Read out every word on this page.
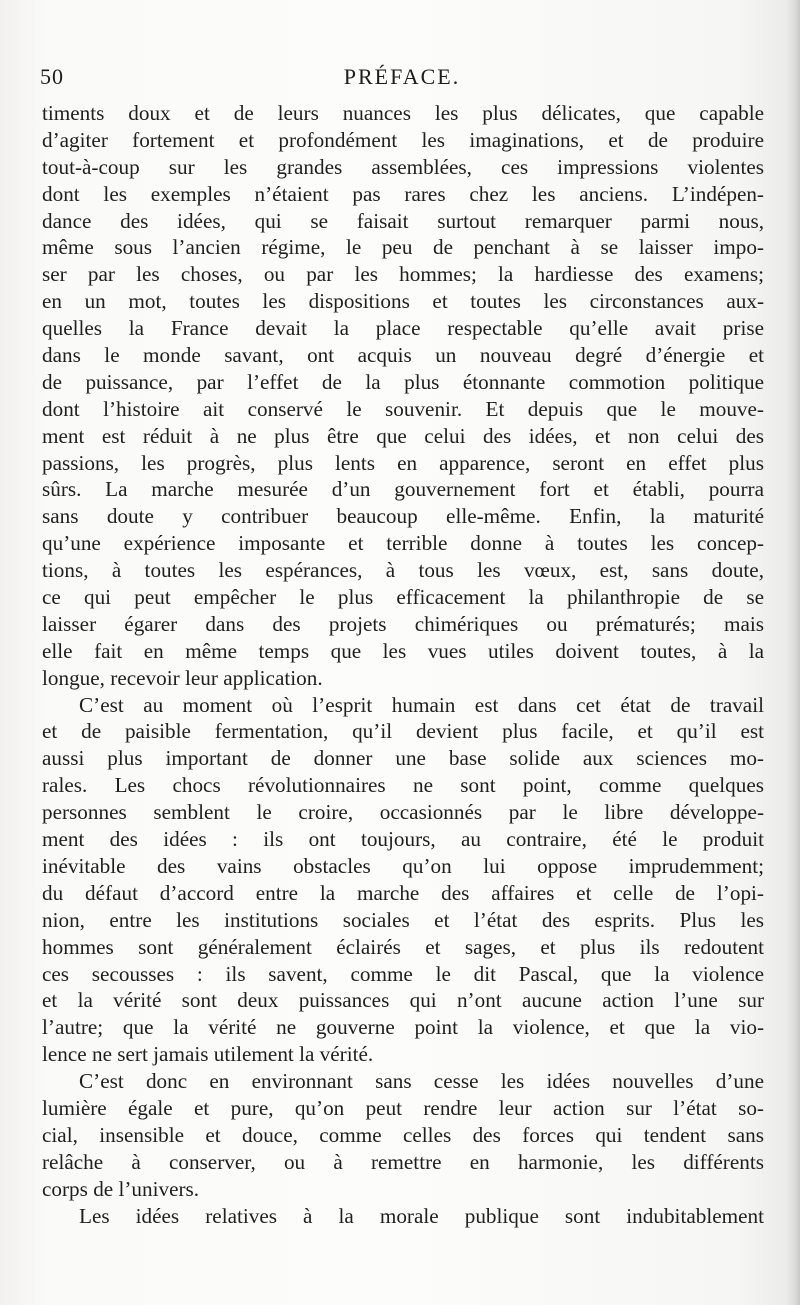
50	PRÉFACE.
timents doux et de leurs nuances les plus délicates, que capable
d’agiter fortement et profondément les imaginations, et de produire
tout-à-coup sur les grandes assemblées, ces impressions violentes
dont les exemples n’étaient pas rares chez les anciens. L’indépen-
dance des idées, qui se faisait surtout remarquer parmi nous,
même sous l’ancien régime, le peu de penchant à se laisser impo-
ser par les choses, ou par les hommes; la hardiesse des examens;
en un mot, toutes les dispositions et toutes les circonstances aux-
quelles la France devait la place respectable qu’elle avait prise
dans le monde savant, ont acquis un nouveau degré d’énergie et
de puissance, par l’effet de la plus étonnante commotion politique
dont l’histoire ait conservé le souvenir. Et depuis que le mouve-
ment est réduit à ne plus être que celui des idées, et non celui des
passions, les progrès, plus lents en apparence, seront en effet plus
sûrs. La marche mesurée d’un gouvernement fort et établi, pourra
sans doute y contribuer beaucoup elle-même. Enfin, la maturité
qu’une expérience imposante et terrible donne à toutes les concep-
tions, à toutes les espérances, à tous les vœux, est, sans doute,
ce qui peut empêcher le plus efficacement la philanthropie de se
laisser égarer dans des projets chimériques ou prématurés; mais
elle fait en même temps que les vues utiles doivent toutes, à la
longue, recevoir leur application.
C’est au moment où l’esprit humain est dans cet état de travail
et de paisible fermentation, qu’il devient plus facile, et qu’il est
aussi plus important de donner une base solide aux sciences mo-
rales. Les chocs révolutionnaires ne sont point, comme quelques
personnes semblent le croire, occasionnés par le libre développe-
ment des idées : ils ont toujours, au contraire, été le produit
inévitable des vains obstacles qu’on lui oppose imprudemment;
du défaut d’accord entre la marche des affaires et celle de l’opi-
nion, entre les institutions sociales et l’état des esprits. Plus les
hommes sont généralement éclairés et sages, et plus ils redoutent
ces secousses : ils savent, comme le dit Pascal, que la violence
et la vérité sont deux puissances qui n’ont aucune action l’une sur
l’autre; que la vérité ne gouverne point la violence, et que la vio-
lence ne sert jamais utilement la vérité.
C’est donc en environnant sans cesse les idées nouvelles d’une
lumière égale et pure, qu’on peut rendre leur action sur l’état so-
cial, insensible et douce, comme celles des forces qui tendent sans
relâche à conserver, ou à remettre en harmonie, les différents
corps de l’univers.
Les idées relatives à la morale publique sont indubitablement
